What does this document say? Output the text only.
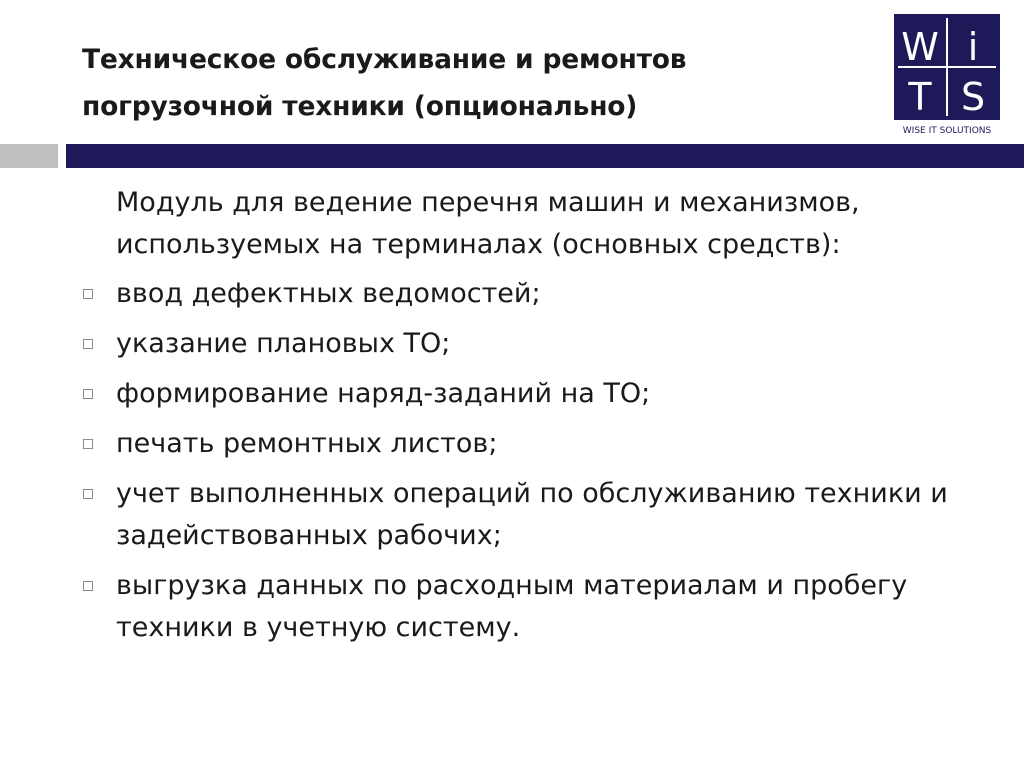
Техническое обслуживание и ремонтов погрузочной техники (опционально)
W i
T S
WISE IT SOLUTIONS

Модуль для ведение перечня машин и механизмов, используемых на терминалах (основных средств):

ввод дефектных ведомостей;
указание плановых ТО;
формирование наряд-заданий на ТО;
печать ремонтных листов;
учет выполненных операций по обслуживанию техники и задействованных рабочих;
выгрузка данных по расходным материалам и пробегу техники в учетную систему.
